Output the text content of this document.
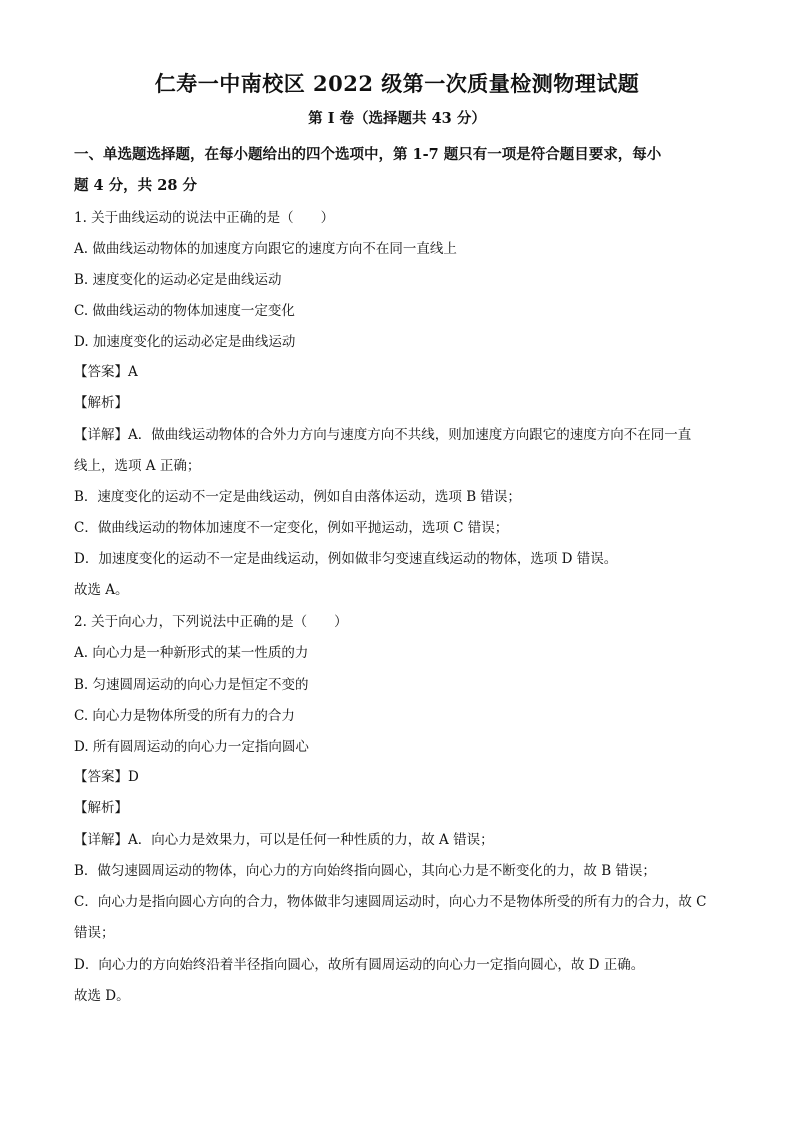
仁寿一中南校区 2022 级第一次质量检测物理试题
第 I 卷（选择题共 43 分）
一、单选题选择题，在每小题给出的四个选项中，第 1-7 题只有一项是符合题目要求，每小
题 4 分，共 28 分
1. 关于曲线运动的说法中正确的是（　　）
A. 做曲线运动物体的加速度方向跟它的速度方向不在同一直线上
B. 速度变化的运动必定是曲线运动
C. 做曲线运动的物体加速度一定变化
D. 加速度变化的运动必定是曲线运动
【答案】A
【解析】
【详解】A．做曲线运动物体的合外力方向与速度方向不共线，则加速度方向跟它的速度方向不在同一直
线上，选项 A 正确；
B．速度变化的运动不一定是曲线运动，例如自由落体运动，选项 B 错误；
C．做曲线运动的物体加速度不一定变化，例如平抛运动，选项 C 错误；
D．加速度变化的运动不一定是曲线运动，例如做非匀变速直线运动的物体，选项 D 错误。
故选 A。
2. 关于向心力，下列说法中正确的是（　　）
A. 向心力是一种新形式的某一性质的力
B. 匀速圆周运动的向心力是恒定不变的
C. 向心力是物体所受的所有力的合力
D. 所有圆周运动的向心力一定指向圆心
【答案】D
【解析】
【详解】A．向心力是效果力，可以是任何一种性质的力，故 A 错误；
B．做匀速圆周运动的物体，向心力的方向始终指向圆心，其向心力是不断变化的力，故 B 错误；
C．向心力是指向圆心方向的合力，物体做非匀速圆周运动时，向心力不是物体所受的所有力的合力，故 C
错误；
D．向心力的方向始终沿着半径指向圆心，故所有圆周运动的向心力一定指向圆心，故 D 正确。
故选 D。
